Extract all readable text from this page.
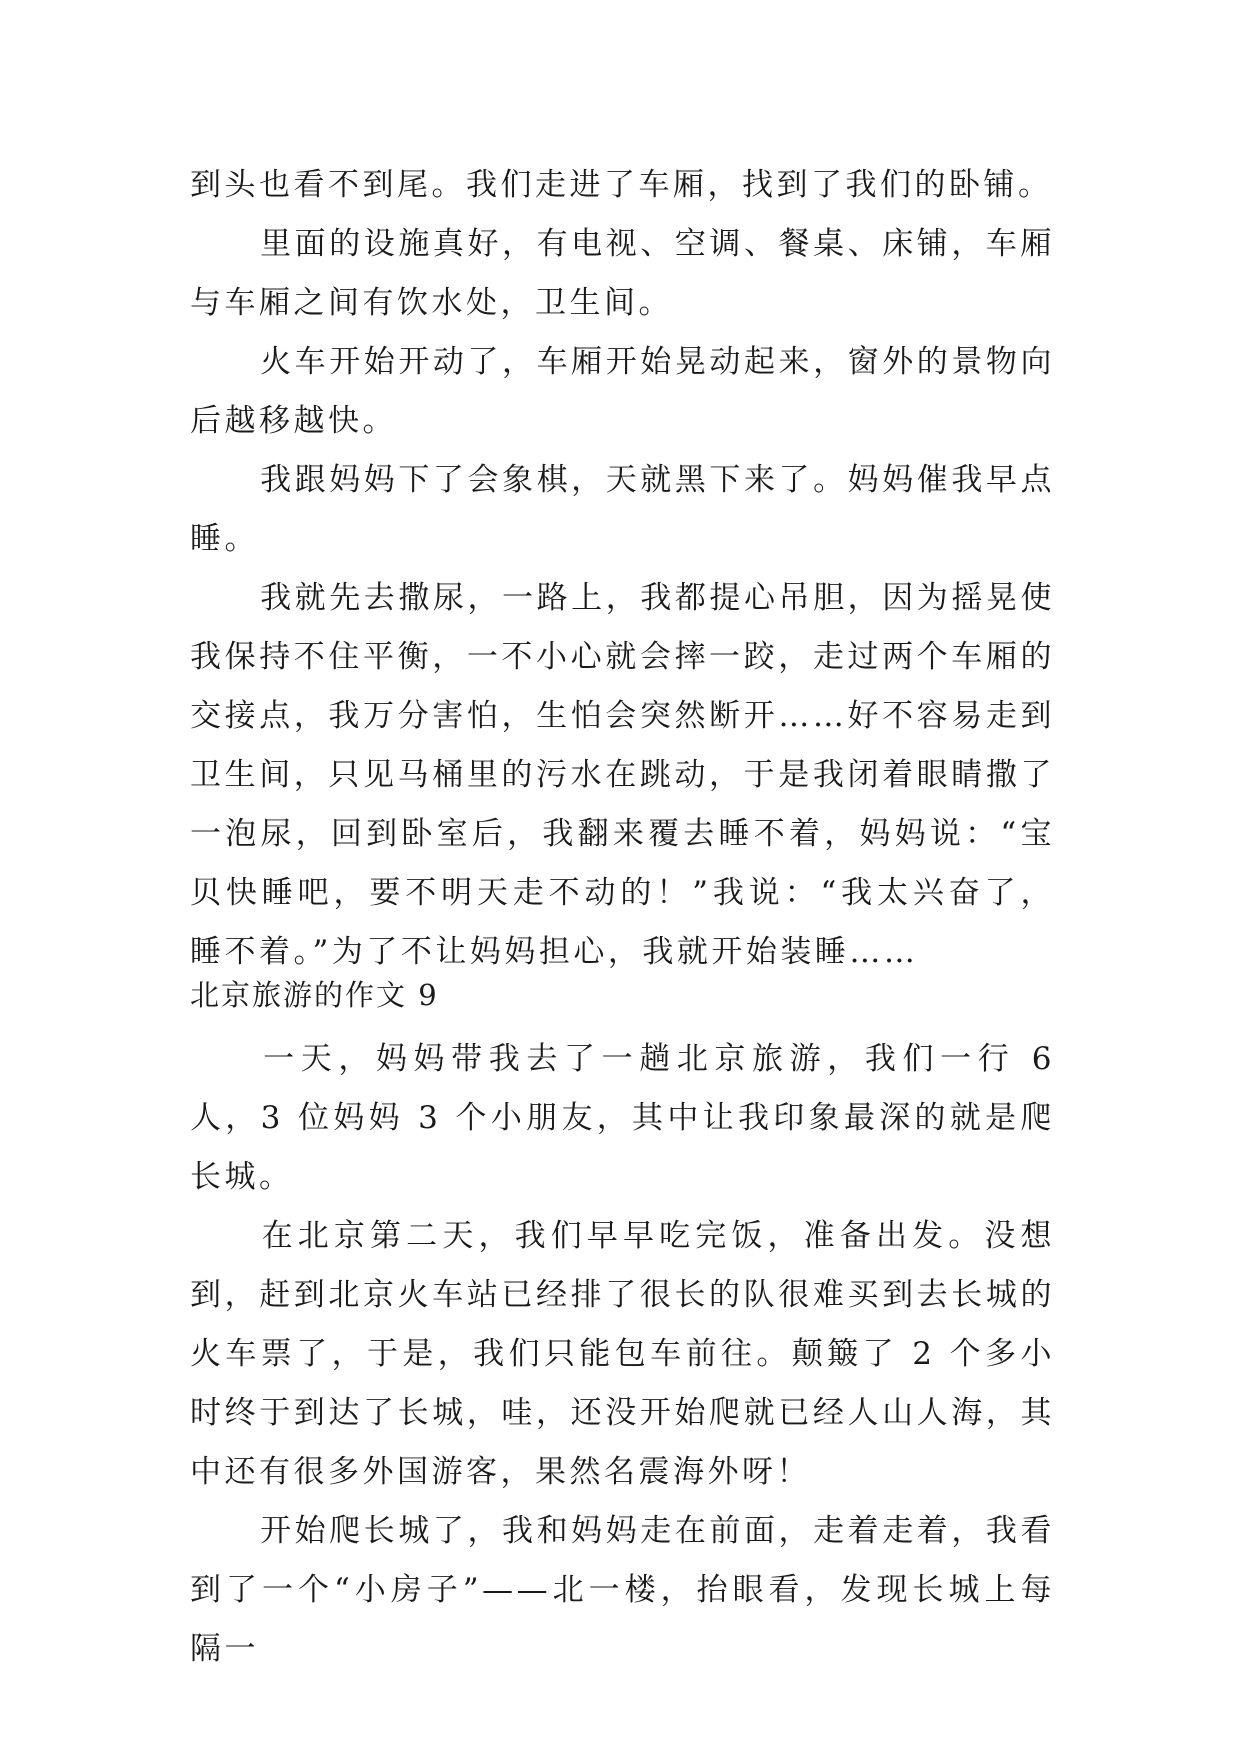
到头也看不到尾。我们走进了车厢，找到了我们的卧铺。
里面的设施真好，有电视、空调、餐桌、床铺，车厢与车厢之间有饮水处，卫生间。
火车开始开动了，车厢开始晃动起来，窗外的景物向后越移越快。
我跟妈妈下了会象棋，天就黑下来了。妈妈催我早点睡。
我就先去撒尿，一路上，我都提心吊胆，因为摇晃使我保持不住平衡，一不小心就会摔一跤，走过两个车厢的交接点，我万分害怕，生怕会突然断开……好不容易走到卫生间，只见马桶里的污水在跳动，于是我闭着眼睛撒了一泡尿，回到卧室后，我翻来覆去睡不着，妈妈说：“宝贝快睡吧，要不明天走不动的！”我说：“我太兴奋了，睡不着。”为了不让妈妈担心，我就开始装睡……
北京旅游的作文 9
一天，妈妈带我去了一趟北京旅游，我们一行 6 人，3 位妈妈 3 个小朋友，其中让我印象最深的就是爬长城。
在北京第二天，我们早早吃完饭，准备出发。没想到，赶到北京火车站已经排了很长的队很难买到去长城的火车票了，于是，我们只能包车前往。颠簸了 2 个多小时终于到达了长城，哇，还没开始爬就已经人山人海，其中还有很多外国游客，果然名震海外呀！
开始爬长城了，我和妈妈走在前面，走着走着，我看到了一个“小房子”——北一楼，抬眼看，发现长城上每隔一
